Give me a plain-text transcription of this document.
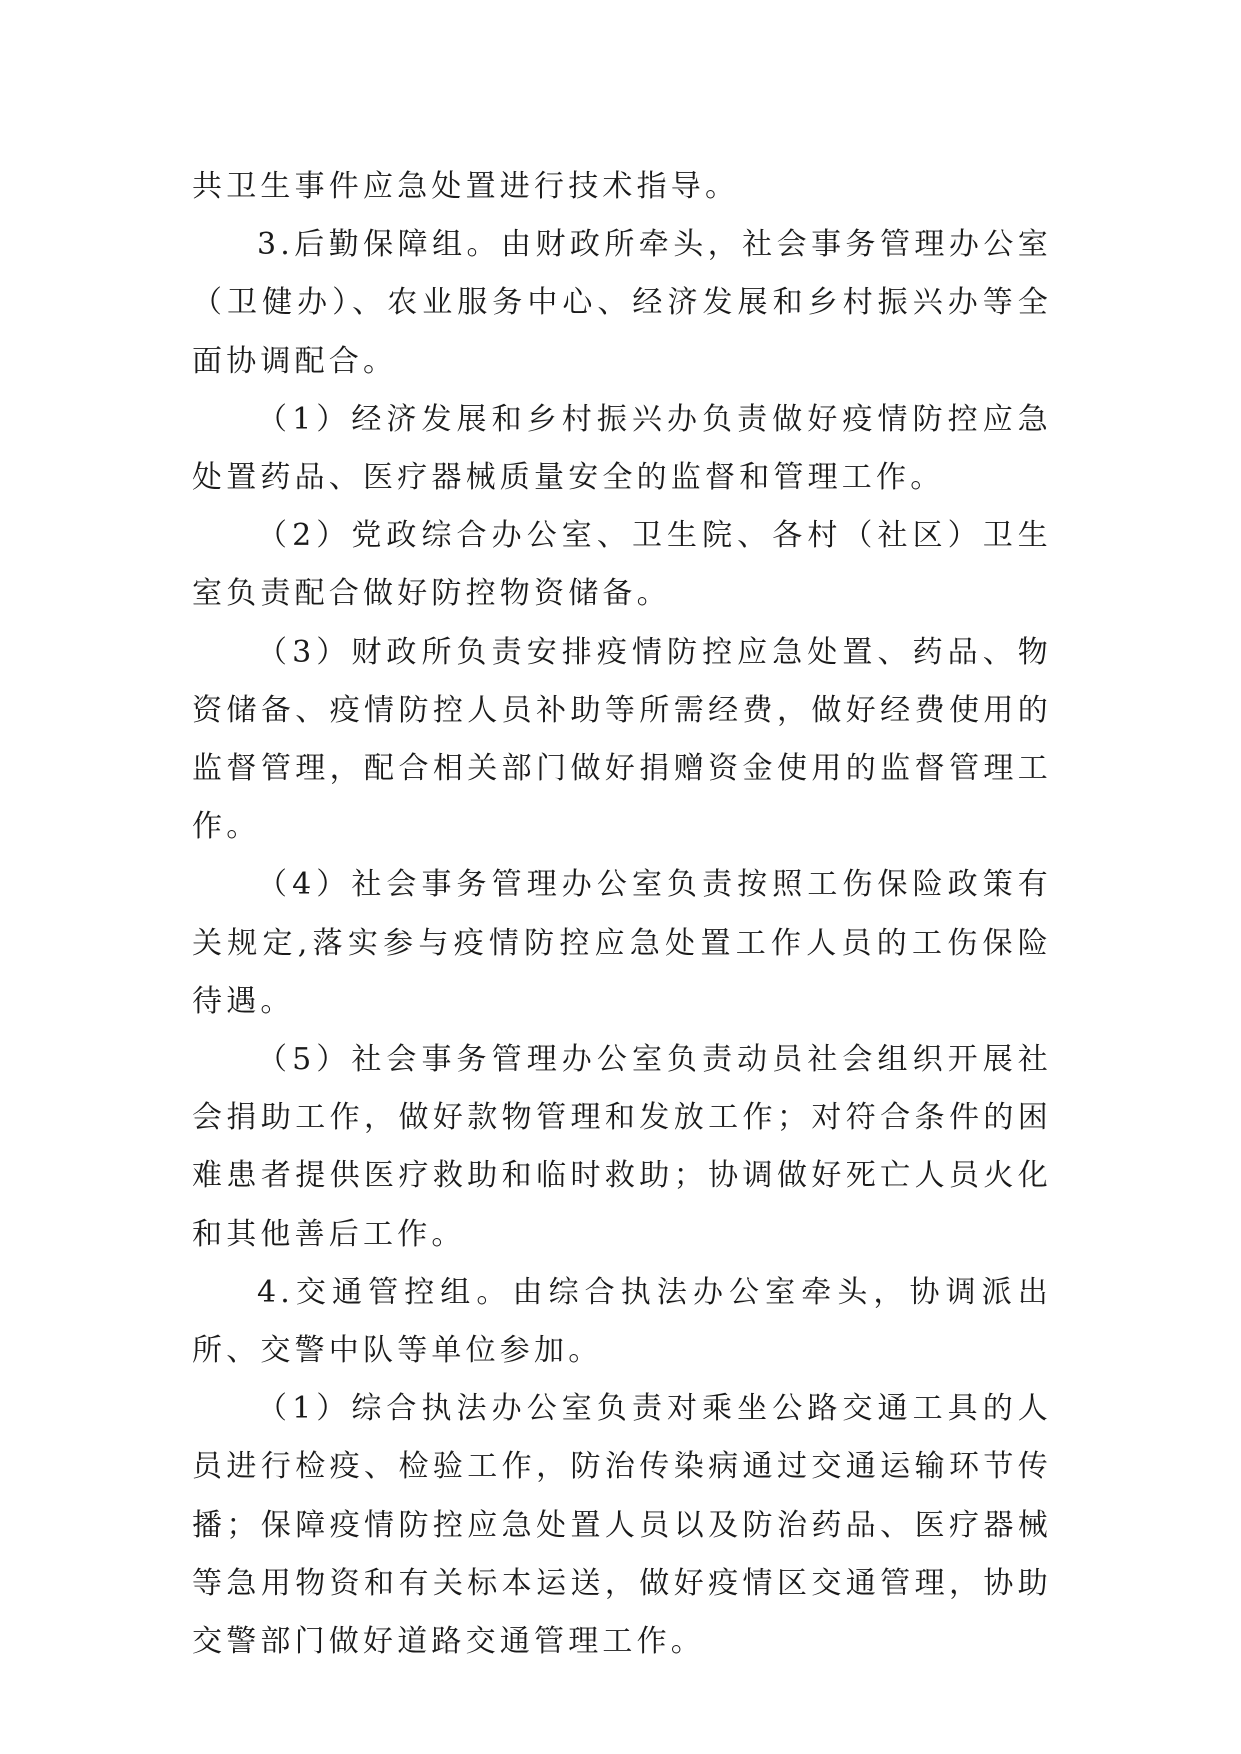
共卫生事件应急处置进行技术指导。

3.后勤保障组。由财政所牵头，社会事务管理办公室（卫健办）、农业服务中心、经济发展和乡村振兴办等全面协调配合。

（1）经济发展和乡村振兴办负责做好疫情防控应急处置药品、医疗器械质量安全的监督和管理工作。

（2）党政综合办公室、卫生院、各村（社区）卫生室负责配合做好防控物资储备。

（3）财政所负责安排疫情防控应急处置、药品、物资储备、疫情防控人员补助等所需经费，做好经费使用的监督管理，配合相关部门做好捐赠资金使用的监督管理工作。

（4）社会事务管理办公室负责按照工伤保险政策有关规定,落实参与疫情防控应急处置工作人员的工伤保险待遇。

（5）社会事务管理办公室负责动员社会组织开展社会捐助工作，做好款物管理和发放工作；对符合条件的困难患者提供医疗救助和临时救助；协调做好死亡人员火化和其他善后工作。

4.交通管控组。由综合执法办公室牵头，协调派出所、交警中队等单位参加。

（1）综合执法办公室负责对乘坐公路交通工具的人员进行检疫、检验工作，防治传染病通过交通运输环节传播；保障疫情防控应急处置人员以及防治药品、医疗器械等急用物资和有关标本运送，做好疫情区交通管理，协助交警部门做好道路交通管理工作。
